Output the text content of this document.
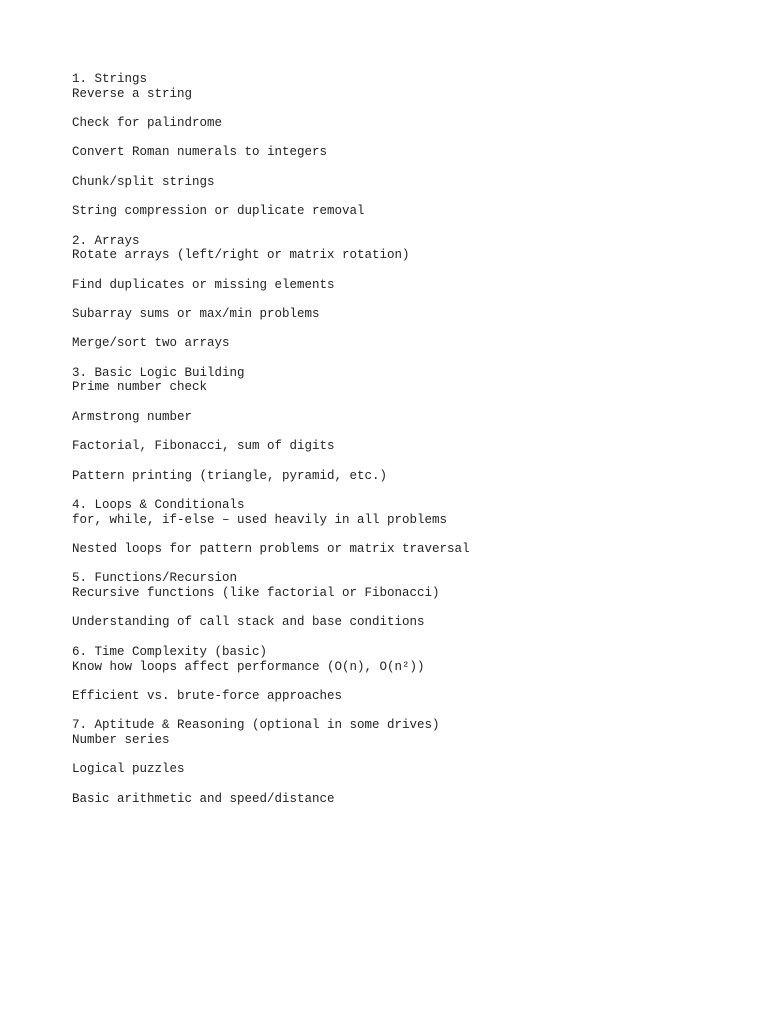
1. Strings
Reverse a string
Check for palindrome
Convert Roman numerals to integers
Chunk/split strings
String compression or duplicate removal
2. Arrays
Rotate arrays (left/right or matrix rotation)
Find duplicates or missing elements
Subarray sums or max/min problems
Merge/sort two arrays
3. Basic Logic Building
Prime number check
Armstrong number
Factorial, Fibonacci, sum of digits
Pattern printing (triangle, pyramid, etc.)
4. Loops & Conditionals
for, while, if-else – used heavily in all problems
Nested loops for pattern problems or matrix traversal
5. Functions/Recursion
Recursive functions (like factorial or Fibonacci)
Understanding of call stack and base conditions
6. Time Complexity (basic)
Know how loops affect performance (O(n), O(n²))
Efficient vs. brute-force approaches
7. Aptitude & Reasoning (optional in some drives)
Number series
Logical puzzles
Basic arithmetic and speed/distance
